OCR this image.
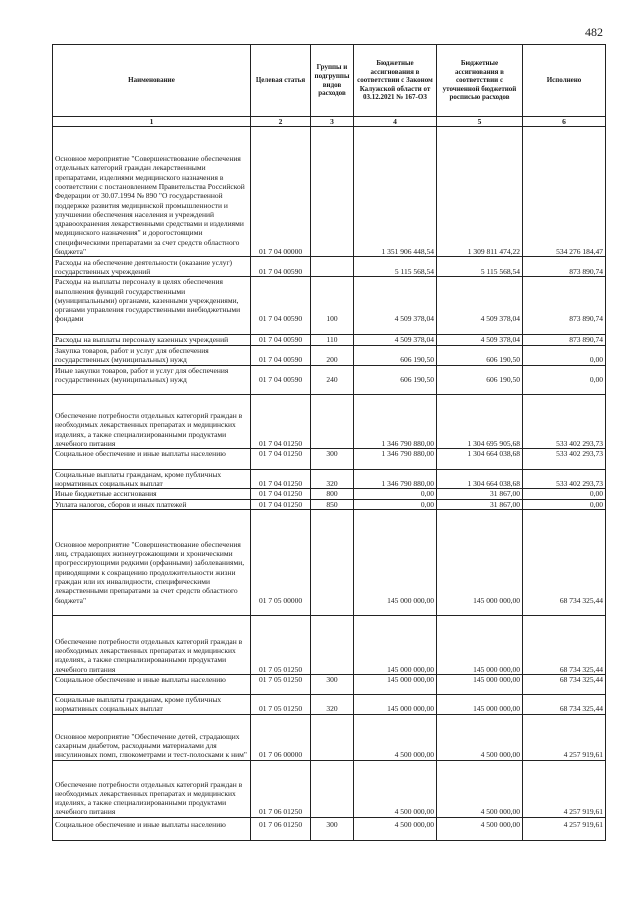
482
Наименование	Целевая статья	Группы и подгруппы видов расходов	Бюджетные ассигнования в соответствии с Законом Калужской области от 03.12.2021 № 167-ОЗ	Бюджетные ассигнования в соответствии с уточненной бюджетной росписью расходов	Исполнено
1	2	3	4	5	6
Основное мероприятие "Совершенствование обеспечения отдельных категорий граждан лекарственными препаратами, изделиями медицинского назначения в соответствии с постановлением Правительства Российской Федерации от 30.07.1994 № 890 "О государственной поддержке развития медицинской промышленности и улучшении обеспечения населения и учреждений здравоохранения лекарственными средствами и изделиями медицинского назначения" и дорогостоящими специфическими препаратами за счет средств областного бюджета"	01 7 04 00000		1 351 906 448,54	1 309 811 474,22	534 276 184,47
Расходы на обеспечение деятельности (оказание услуг) государственных учреждений	01 7 04 00590		5 115 568,54	5 115 568,54	873 890,74
Расходы на выплаты персоналу в целях обеспечения выполнения функций государственными (муниципальными) органами, казенными учреждениями, органами управления государственными внебюджетными фондами	01 7 04 00590	100	4 509 378,04	4 509 378,04	873 890,74
Расходы на выплаты персоналу казенных учреждений	01 7 04 00590	110	4 509 378,04	4 509 378,04	873 890,74
Закупка товаров, работ и услуг для обеспечения государственных (муниципальных) нужд	01 7 04 00590	200	606 190,50	606 190,50	0,00
Иные закупки товаров, работ и услуг для обеспечения государственных (муниципальных) нужд	01 7 04 00590	240	606 190,50	606 190,50	0,00
Обеспечение потребности отдельных категорий граждан в необходимых лекарственных препаратах и медицинских изделиях, а также специализированными продуктами лечебного питания	01 7 04 01250		1 346 790 880,00	1 304 695 905,68	533 402 293,73
Социальное обеспечение и иные выплаты населению	01 7 04 01250	300	1 346 790 880,00	1 304 664 038,68	533 402 293,73
Социальные выплаты гражданам, кроме публичных нормативных социальных выплат	01 7 04 01250	320	1 346 790 880,00	1 304 664 038,68	533 402 293,73
Иные бюджетные ассигнования	01 7 04 01250	800	0,00	31 867,00	0,00
Уплата налогов, сборов и иных платежей	01 7 04 01250	850	0,00	31 867,00	0,00
Основное мероприятие "Совершенствование обеспечения лиц, страдающих жизнеугрожающими и хроническими прогрессирующими редкими (орфанными) заболеваниями, приводящими к сокращению продолжительности жизни граждан или их инвалидности, специфическими лекарственными препаратами за счет средств областного бюджета"	01 7 05 00000		145 000 000,00	145 000 000,00	68 734 325,44
Обеспечение потребности отдельных категорий граждан в необходимых лекарственных препаратах и медицинских изделиях, а также специализированными продуктами лечебного питания	01 7 05 01250		145 000 000,00	145 000 000,00	68 734 325,44
Социальное обеспечение и иные выплаты населению	01 7 05 01250	300	145 000 000,00	145 000 000,00	68 734 325,44
Социальные выплаты гражданам, кроме публичных нормативных социальных выплат	01 7 05 01250	320	145 000 000,00	145 000 000,00	68 734 325,44
Основное мероприятие "Обеспечение детей, страдающих сахарным диабетом, расходными материалами для инсулиновых помп, глюкометрами и тест-полосками к ним"	01 7 06 00000		4 500 000,00	4 500 000,00	4 257 919,61
Обеспечение потребности отдельных категорий граждан в необходимых лекарственных препаратах и медицинских изделиях, а также специализированными продуктами лечебного питания	01 7 06 01250		4 500 000,00	4 500 000,00	4 257 919,61
Социальное обеспечение и иные выплаты населению	01 7 06 01250	300	4 500 000,00	4 500 000,00	4 257 919,61
